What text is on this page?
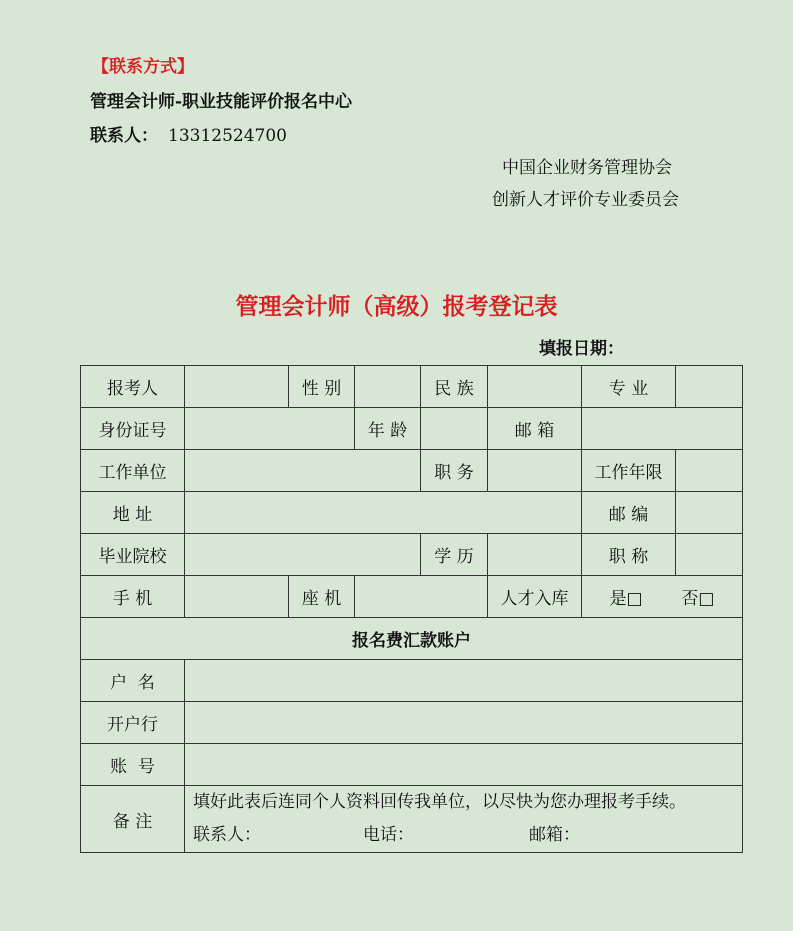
【联系方式】
管理会计师-职业技能评价报名中心
联系人： 13312524700
中国企业财务管理协会
创新人才评价专业委员会
管理会计师（高级）报考登记表
填报日期：
报考人		性 别		民 族		专 业	
身份证号			年 龄		邮 箱		
工作单位				职 务		工作年限	
地 址						邮 编	
毕业院校				学 历		职 称	
手 机		座 机			人才入库	是□ 否□	
报名费汇款账户							
户  名							
开户行							
账  号							
备 注	填好此表后连同个人资料回传我单位，以尽快为您办理报考手续。
联系人： 电话： 邮箱：						
